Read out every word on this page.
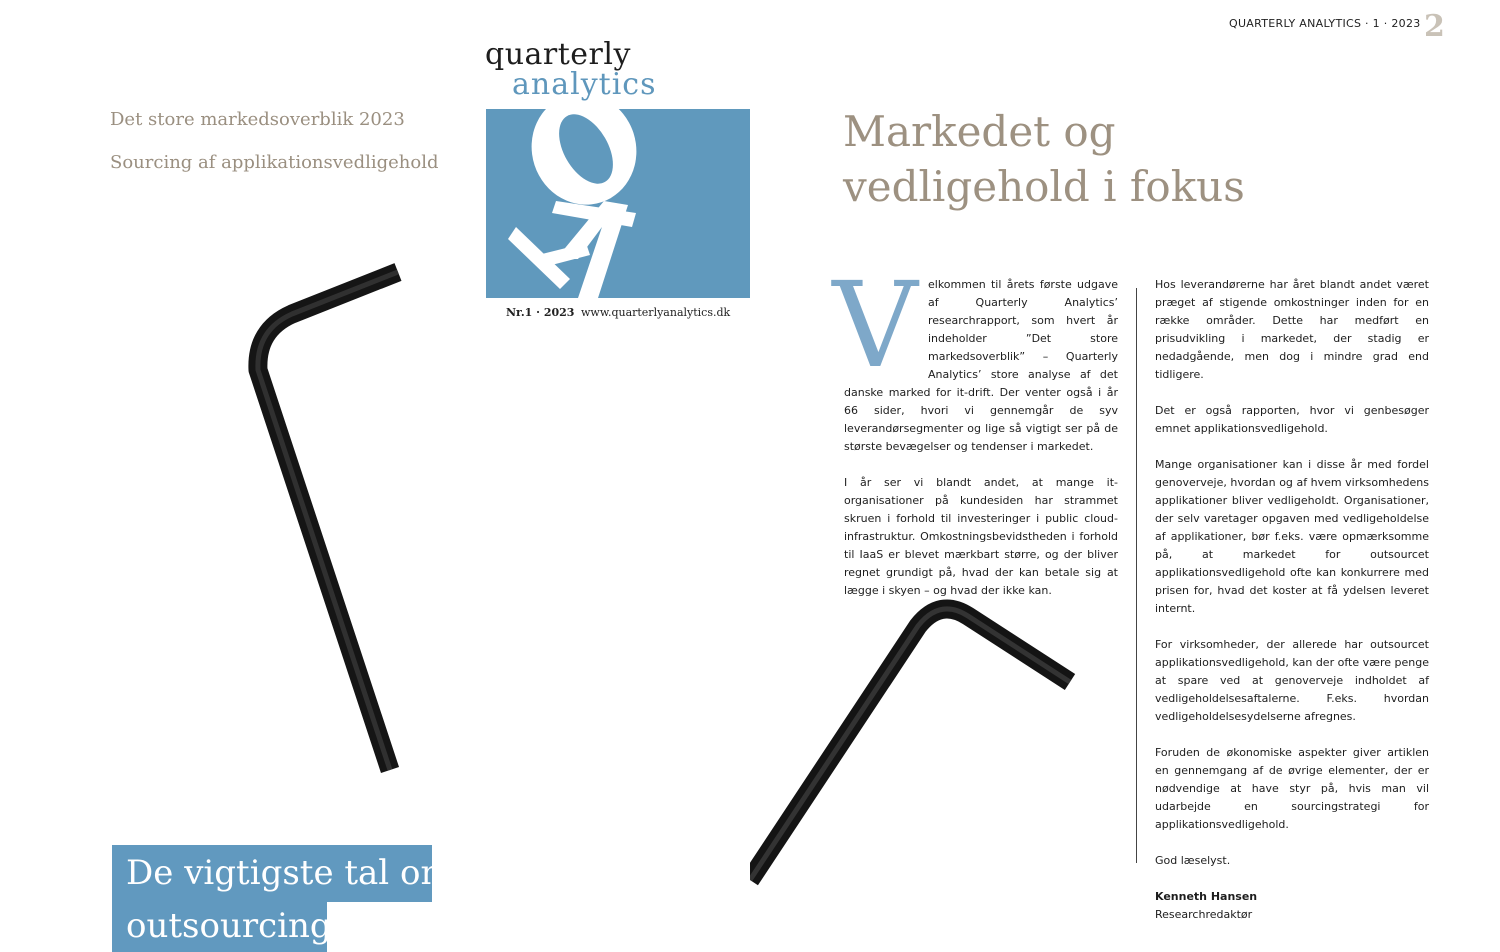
QUARTERLY ANALYTICS · 1 · 2023 2
Det store markedsoverblik 2023
Sourcing af applikationsvedligehold
quarterly
analytics
Nr.1 · 2023 www.quarterlyanalytics.dk
Markedet og
vedligehold i fokus

Velkommen til årets første udgave af Quarterly Analytics’ researchrapport, som hvert år indeholder ”Det store markedsoverblik” – Quarterly Analytics’ store analyse af det danske marked for it-drift. Der venter også i år 66 sider, hvori vi gennemgår de syv leverandørsegmenter og lige så vigtigt ser på de største bevægelser og tendenser i markedet.

I år ser vi blandt andet, at mange it-organisationer på kundesiden har strammet skruen i forhold til investeringer i public cloud-infrastruktur. Omkostningsbevidstheden i forhold til IaaS er blevet mærkbart større, og der bliver regnet grundigt på, hvad der kan betale sig at lægge i skyen – og hvad der ikke kan.

Hos leverandørerne har året blandt andet været præget af stigende omkostninger inden for en række områder. Dette har medført en prisudvikling i markedet, der stadig er nedadgående, men dog i mindre grad end tidligere.

Det er også rapporten, hvor vi genbesøger emnet applikationsvedligehold.

Mange organisationer kan i disse år med fordel genoverveje, hvordan og af hvem virksomhedens applikationer bliver vedligeholdt. Organisationer, der selv varetager opgaven med vedligeholdelse af applikationer, bør f.eks. være opmærksomme på, at markedet for outsourcet applikationsvedligehold ofte kan konkurrere med prisen for, hvad det koster at få ydelsen leveret internt.

For virksomheder, der allerede har outsourcet applikationsvedligehold, kan der ofte være penge at spare ved at genoverveje indholdet af vedligeholdelsesaftalerne. F.eks. hvordan vedligeholdelsesydelserne afregnes.

Foruden de økonomiske aspekter giver artiklen en gennemgang af de øvrige elementer, der er nødvendige at have styr på, hvis man vil udarbejde en sourcingstrategi for applikationsvedligehold.

God læselyst.

Kenneth Hansen
Researchredaktør

De vigtigste tal om
outsourcing
